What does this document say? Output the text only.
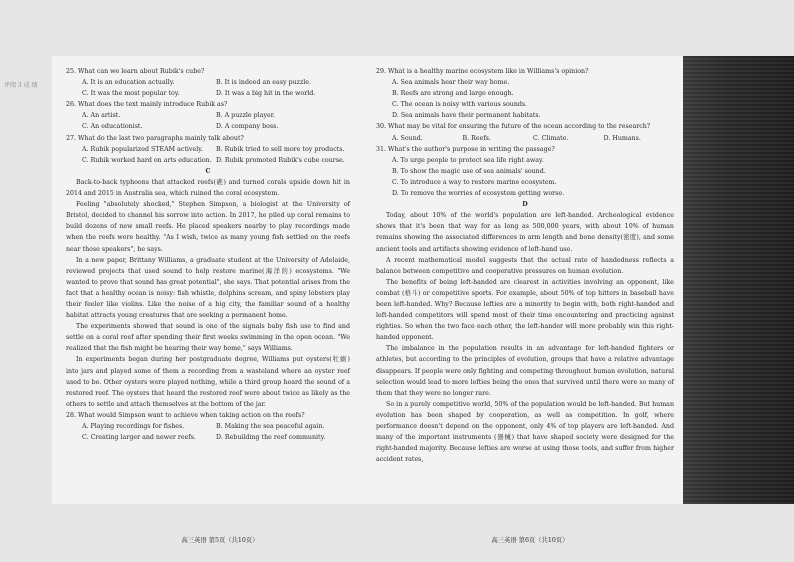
评阅 3 成 绩
25. What can we learn about Rubik's cube?
A. It is an education actually.	B. It is indeed an easy puzzle.
C. It was the most popular toy.	D. It was a big hit in the world.
26. What does the text mainly introduce Rubik as?
A. An artist.	B. A puzzle player.
C. An educationist.	D. A company boss.
27. What do the last two paragraphs mainly talk about?
A. Rubik popularized STEAM actively.	B. Rubik tried to sell more toy products.
C. Rubik worked hard on arts education. D. Rubik promoted Rubik's cube course.
C
Back-to-back typhoons that attacked reefs(礁) and turned corals upside down hit in 2014 and 2015 in Australia sea, which ruined the coral ecosystem.
Feeling "absolutely shocked," Stephen Simpson, a biologist at the University of Bristol, decided to channel his sorrow into action. In 2017, he piled up coral remains to build dozens of new small reefs. He placed speakers nearby to play recordings made when the reefs were healthy. "As I wish, twice as many young fish settled on the reefs near those speakers", he says.
In a new paper, Brittany Williams, a graduate student at the University of Adelaide, reviewed projects that used sound to help restore marine(海洋的) ecosystems. "We wanted to prove that sound has great potential", she says. That potential arises from the fact that a healthy ocean is noisy: fish whistle, dolphins scream, and spiny lobsters play their feeler like violins. Like the noise of a big city, the familiar sound of a healthy habitat attracts young creatures that are seeking a permanent home.
The experiments showed that sound is one of the signals baby fish use to find and settle on a coral reef after spending their first weeks swimming in the open ocean. "We realized that the fish might be hearing their way home," says Williams.
In experiments began during her postgraduate degree, Williams put oysters(牡蛎) into jars and played some of them a recording from a wasteland where an oyster reef used to be. Other oysters were played nothing, while a third group heard the sound of a restored reef. The oysters that heard the restored reef were about twice as likely as the others to settle and attach themselves at the bottom of the jar.
28. What would Simpson want to achieve when taking action on the reefs?
A. Playing recordings for fishes.	B. Making the sea peaceful again.
C. Creating larger and newer reefs.	D. Rebuilding the reef community.
29. What is a healthy marine ecosystem like in Williams's opinion?
A. Sea animals hear their way home.
B. Reefs are strong and large enough.
C. The ocean is noisy with various sounds.
D. Sea animals have their permanent habitats.
30. What may be vital for ensuring the future of the ocean according to the research?
A. Sound.	B. Reefs.	C. Climate.	D. Humans.
31. What's the author's purpose in writing the passage?
A. To urge people to protect sea life right away.
B. To show the magic use of sea animals' sound.
C. To introduce a way to restore marine ecosystem.
D. To remove the worries of ecosystem getting worse.
D
Today, about 10% of the world's population are left-handed. Archeological evidence shows that it's been that way for as long as 500,000 years, with about 10% of human remains showing the associated differences in arm length and bone density(密度), and some ancient tools and artifacts showing evidence of left-hand use.
A recent mathematical model suggests that the actual rate of handedness reflects a balance between competitive and cooperative pressures on human evolution.
The benefits of being left-handed are clearest in activities involving an opponent, like combat (格斗) or competitive sports. For example, about 50% of top hitters in baseball have been left-handed. Why? Because lefties are a minority to begin with, both right-handed and left-handed competitors will spend most of their time encountering and practicing against righties. So when the two face each other, the left-hander will more probably win this right-handed opponent.
The imbalance in the population results in an advantage for left-handed fighters or athletes, but according to the principles of evolution, groups that have a relative advantage disappears. If people were only fighting and competing throughout human evolution, natural selection would lead to more lefties being the ones that survived until there were so many of them that they were no longer rare.
So in a purely competitive world, 50% of the population would be left-handed. But human evolution has been shaped by cooperation, as well as competition. In golf, where performance doesn't depend on the opponent, only 4% of top players are left-handed. And many of the important instruments (器械) that have shaped society were designed for the right-handed majority. Because lefties are worse at using those tools, and suffer from higher accident rates,
高三英语 第5页（共10页）	高三英语 第6页（共10页）
